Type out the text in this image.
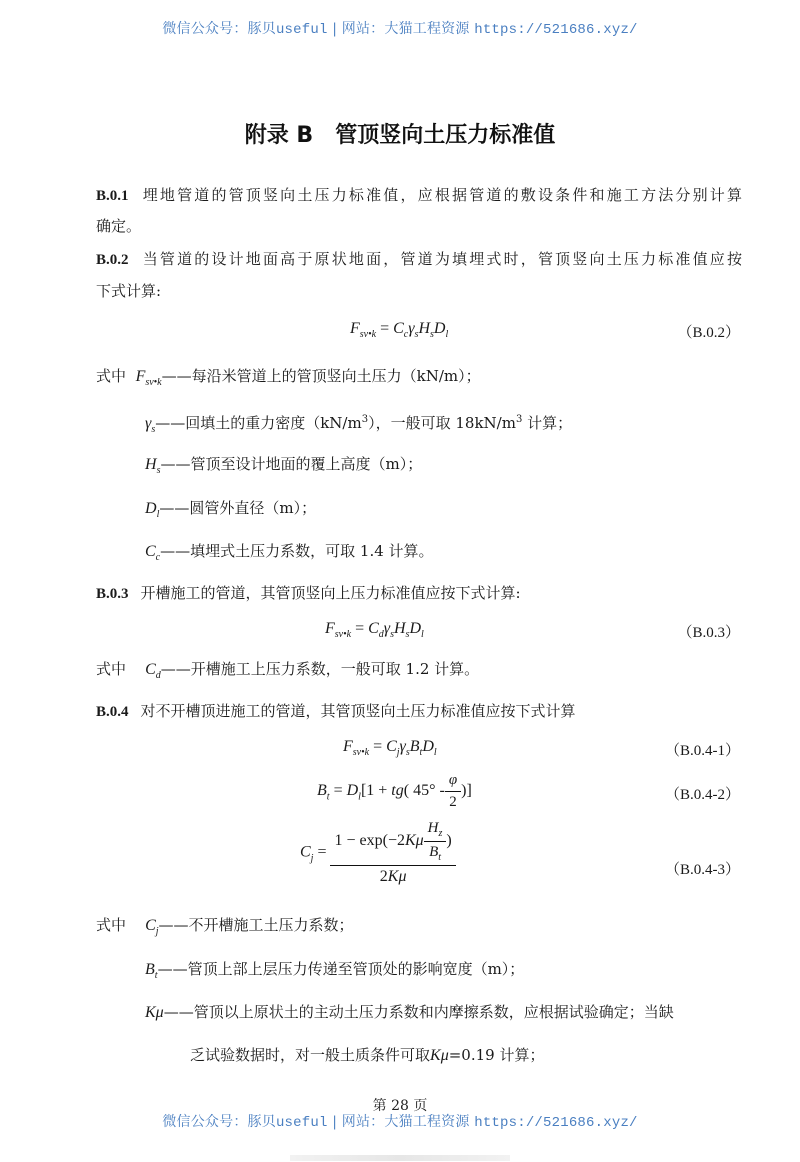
微信公众号：豚贝useful | 网站：大猫工程资源 https://521686.xyz/
附录 B 管顶竖向土压力标准值
B.0.1 埋地管道的管顶竖向土压力标准值，应根据管道的敷设条件和施工方法分别计算
确定。
B.0.2 当管道的设计地面高于原状地面，管道为填埋式时，管顶竖向土压力标准值应按
下式计算:
$F_{sv•k} = C_c\gamma_sH_sD_l$	（B.0.2）
式中 $F_{sv•k}——$每沿米管道上的管顶竖向土压力（kN/m）；
$\gamma_s——$回填土的重力密度$(kN/m^3)$，一般可取 $18kN/m^3$ 计算；
$H_s——$管顶至设计地面的覆上高度（m）；
$D_l——$圆管外直径（m）；
$C_c——$填埋式土压力系数，可取 1.4 计算。
B.0.3 开槽施工的管道，其管顶竖向上压力标准值应按下式计算:
$F_{sv•k} = C_d\gamma_sH_sD_l$	（B.0.3）
式中 $C_d——$开槽施工上压力系数，一般可取 1.2 计算。
B.0.4 对不开槽顶进施工的管道，其管顶竖向土压力标准值应按下式计算
$F_{sv•k} = C_j\gamma_sB_tD_l$	（B.0.4-1）
$B_t = D_l[1 + tg$( $45^\circ - \frac{\varphi}{2}$ )]	（B.0.4-2）
$C_j = \frac{1 - \exp(-2K\mu \frac{H_z}{B_t} )}{2K\mu}$	（B.0.4-3）
式中 $C_j——$不开槽施工土压力系数；
$B_t——$管顶上部上层压力传递至管顶处的影响宽度（m）；
Kμ——管顶以上原状土的主动土压力系数和内摩擦系数，应根据试验确定；当缺
乏试验数据时，对一般土质条件可取Kμ=0.19 计算；
第 28 页
微信公众号：豚贝useful | 网站：大猫工程资源 https://521686.xyz/
